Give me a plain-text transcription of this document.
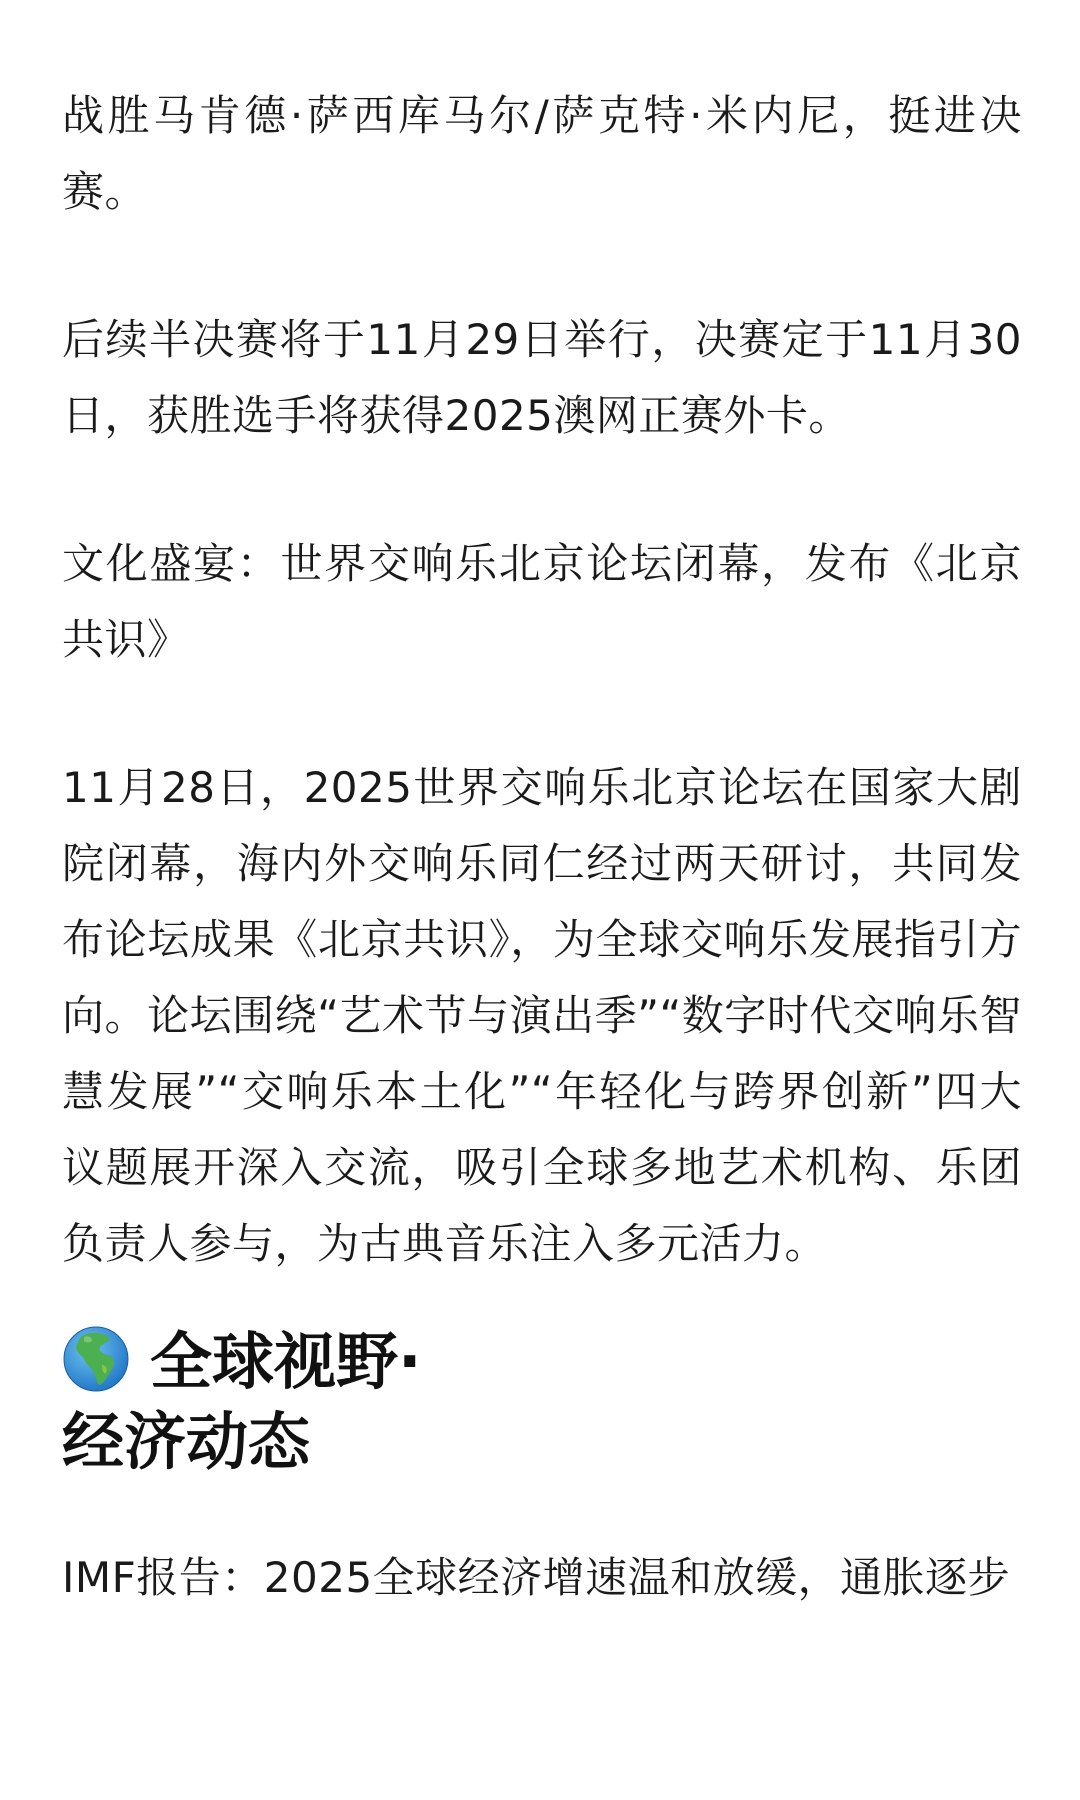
战胜马肯德·萨西库马尔/萨克特·米内尼，挺进决赛。

后续半决赛将于11月29日举行，决赛定于11月30日，获胜选手将获得2025澳网正赛外卡。

文化盛宴：世界交响乐北京论坛闭幕，发布《北京共识》

11月28日，2025世界交响乐北京论坛在国家大剧院闭幕，海内外交响乐同仁经过两天研讨，共同发布论坛成果《北京共识》，为全球交响乐发展指引方向。论坛围绕“艺术节与演出季”“数字时代交响乐智慧发展”“交响乐本土化”“年轻化与跨界创新”四大议题展开深入交流，吸引全球多地艺术机构、乐团负责人参与，为古典音乐注入多元活力。

全球视野·
经济动态

IMF报告：2025全球经济增速温和放缓，通胀逐步
